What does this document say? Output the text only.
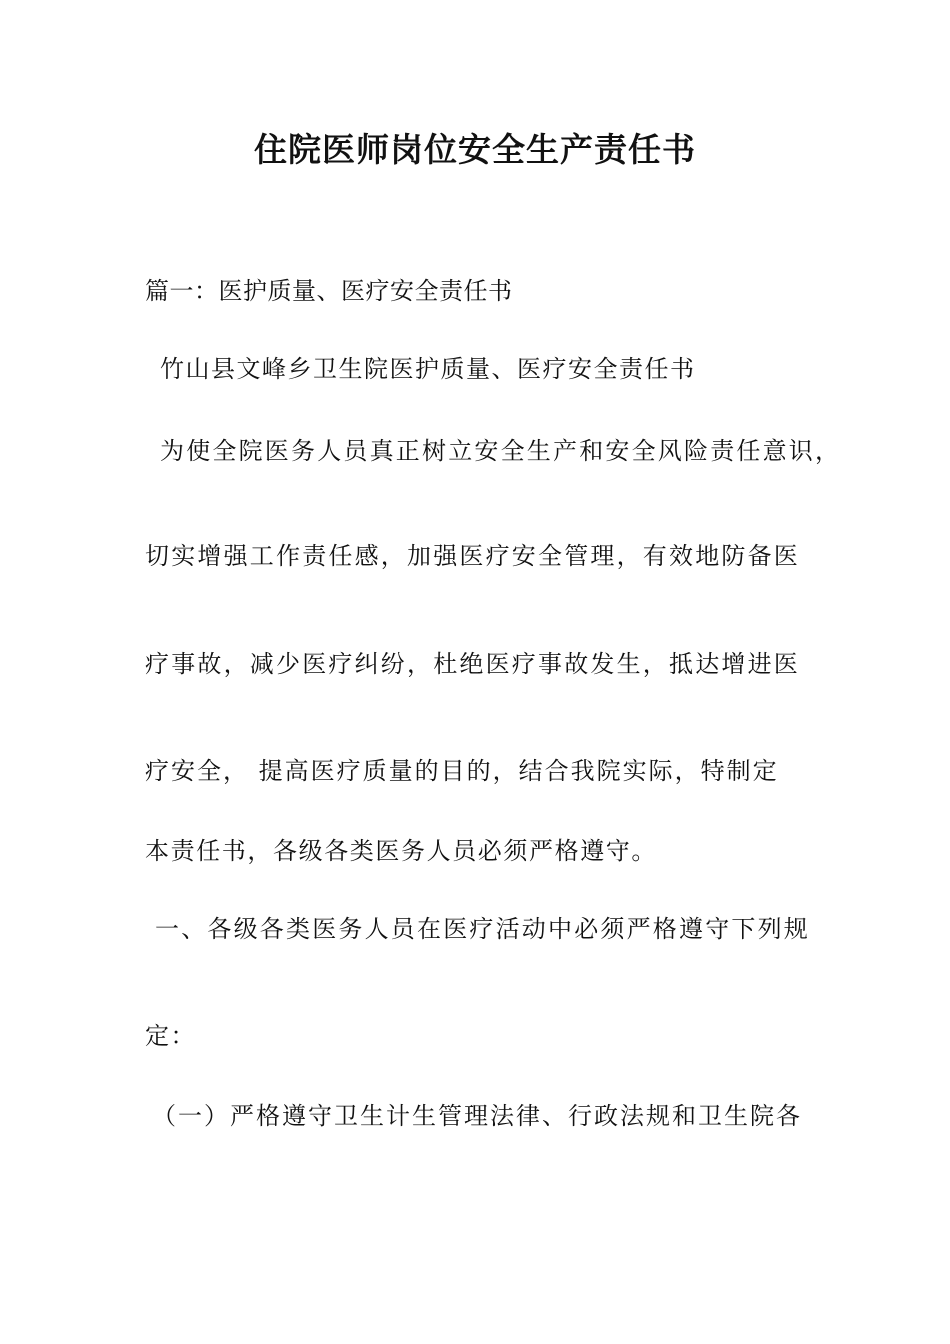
住院医师岗位安全生产责任书
篇一：医护质量、医疗安全责任书
竹山县文峰乡卫生院医护质量、医疗安全责任书
为使全院医务人员真正树立安全生产和安全风险责任意识，
切实增强工作责任感，加强医疗安全管理，有效地防备医
疗事故，减少医疗纠纷，杜绝医疗事故发生，抵达增进医
疗安全， 提高医疗质量的目的，结合我院实际，特制定
本责任书，各级各类医务人员必须严格遵守。
一、各级各类医务人员在医疗活动中必须严格遵守下列规
定：
（一）严格遵守卫生计生管理法律、行政法规和卫生院各
